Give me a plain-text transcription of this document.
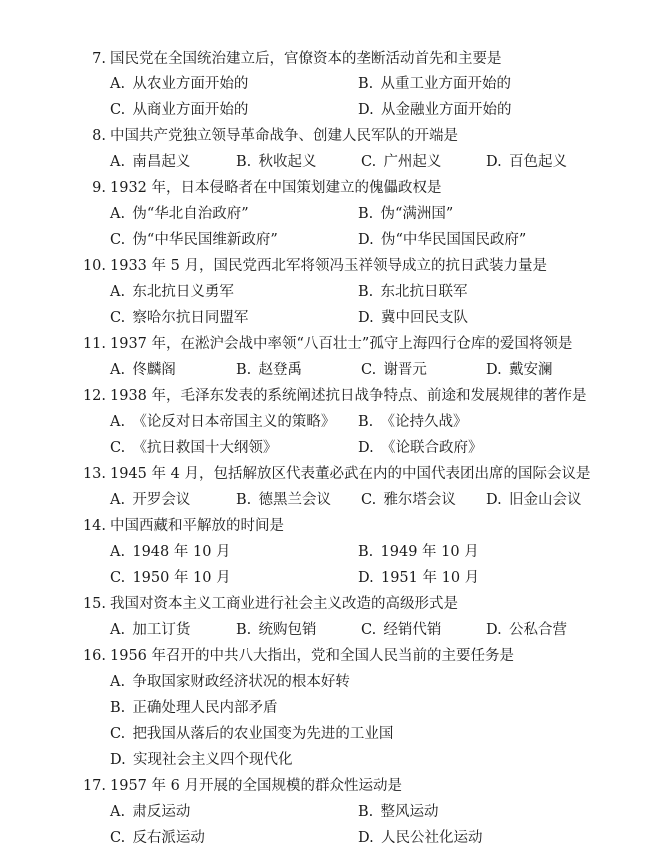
7. 国民党在全国统治建立后，官僚资本的垄断活动首先和主要是
A.  从农业方面开始的	B.  从重工业方面开始的
C.  从商业方面开始的	D.  从金融业方面开始的
8. 中国共产党独立领导革命战争、创建人民军队的开端是
A.  南昌起义	B.  秋收起义	C.  广州起义	D.  百色起义
9. 1932 年，日本侵略者在中国策划建立的傀儡政权是
A.  伪“华北自治政府”	B.  伪“满洲国”
C.  伪“中华民国维新政府”	D.  伪“中华民国国民政府”
10. 1933 年 5 月，国民党西北军将领冯玉祥领导成立的抗日武装力量是
A.  东北抗日义勇军	B.  东北抗日联军
C.  察哈尔抗日同盟军	D.  冀中回民支队
11. 1937 年，在淞沪会战中率领“八百壮士”孤守上海四行仓库的爱国将领是
A.  佟麟阁	B.  赵登禹	C.  谢晋元	D.  戴安澜
12. 1938 年，毛泽东发表的系统阐述抗日战争特点、前途和发展规律的著作是
A.  《论反对日本帝国主义的策略》 B.  《论持久战》
C.  《抗日救国十大纲领》	D.  《论联合政府》
13. 1945 年 4 月，包括解放区代表董必武在内的中国代表团出席的国际会议是
A.  开罗会议	B.  德黑兰会议 C.  雅尔塔会议 D.  旧金山会议
14. 中国西藏和平解放的时间是
A.  1948 年 10 月	B.  1949 年 10 月
C.  1950 年 10 月	D.  1951 年 10 月
15. 我国对资本主义工商业进行社会主义改造的高级形式是
A.  加工订货	B.  统购包销	C.  经销代销	D.  公私合营
16. 1956 年召开的中共八大指出，党和全国人民当前的主要任务是
A.  争取国家财政经济状况的根本好转
B.  正确处理人民内部矛盾
C.  把我国从落后的农业国变为先进的工业国
D.  实现社会主义四个现代化
17. 1957 年 6 月开展的全国规模的群众性运动是
A.  肃反运动	B.  整风运动
C.  反右派运动	D.  人民公社化运动
